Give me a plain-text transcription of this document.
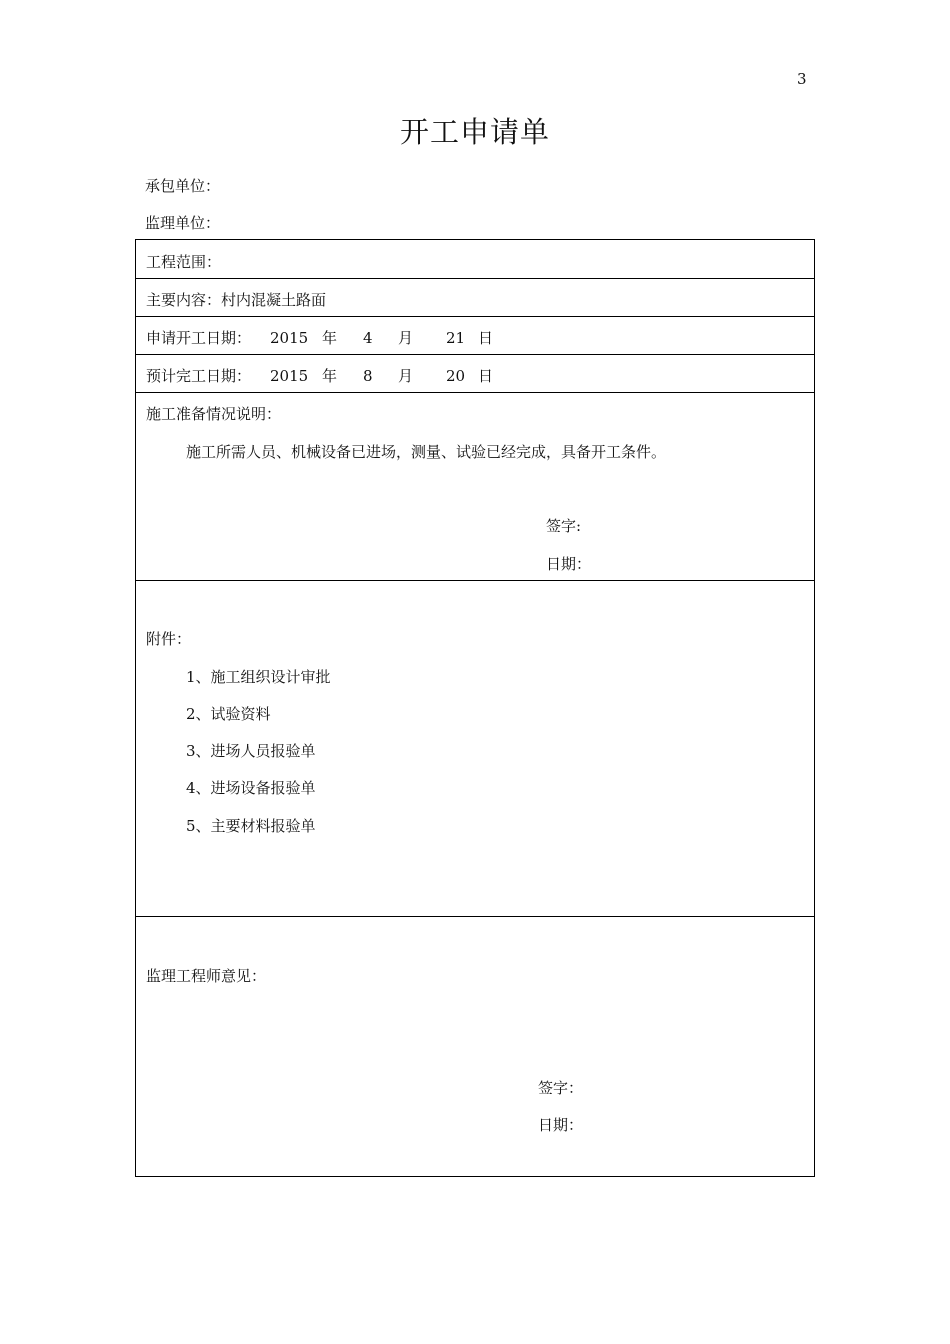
3
开工申请单
承包单位：
监理单位：
工程范围：
主要内容：村内混凝土路面
申请开工日期：	2015 年	4	月	21 日
预计完工日期：	2015 年	8	月	20 日
施工准备情况说明：
施工所需人员、机械设备已进场，测量、试验已经完成，具备开工条件。
签字:
日期：
附件：
1、施工组织设计审批
2、试验资料
3、进场人员报验单
4、进场设备报验单
5、主要材料报验单
监理工程师意见：
签字：
日期：
